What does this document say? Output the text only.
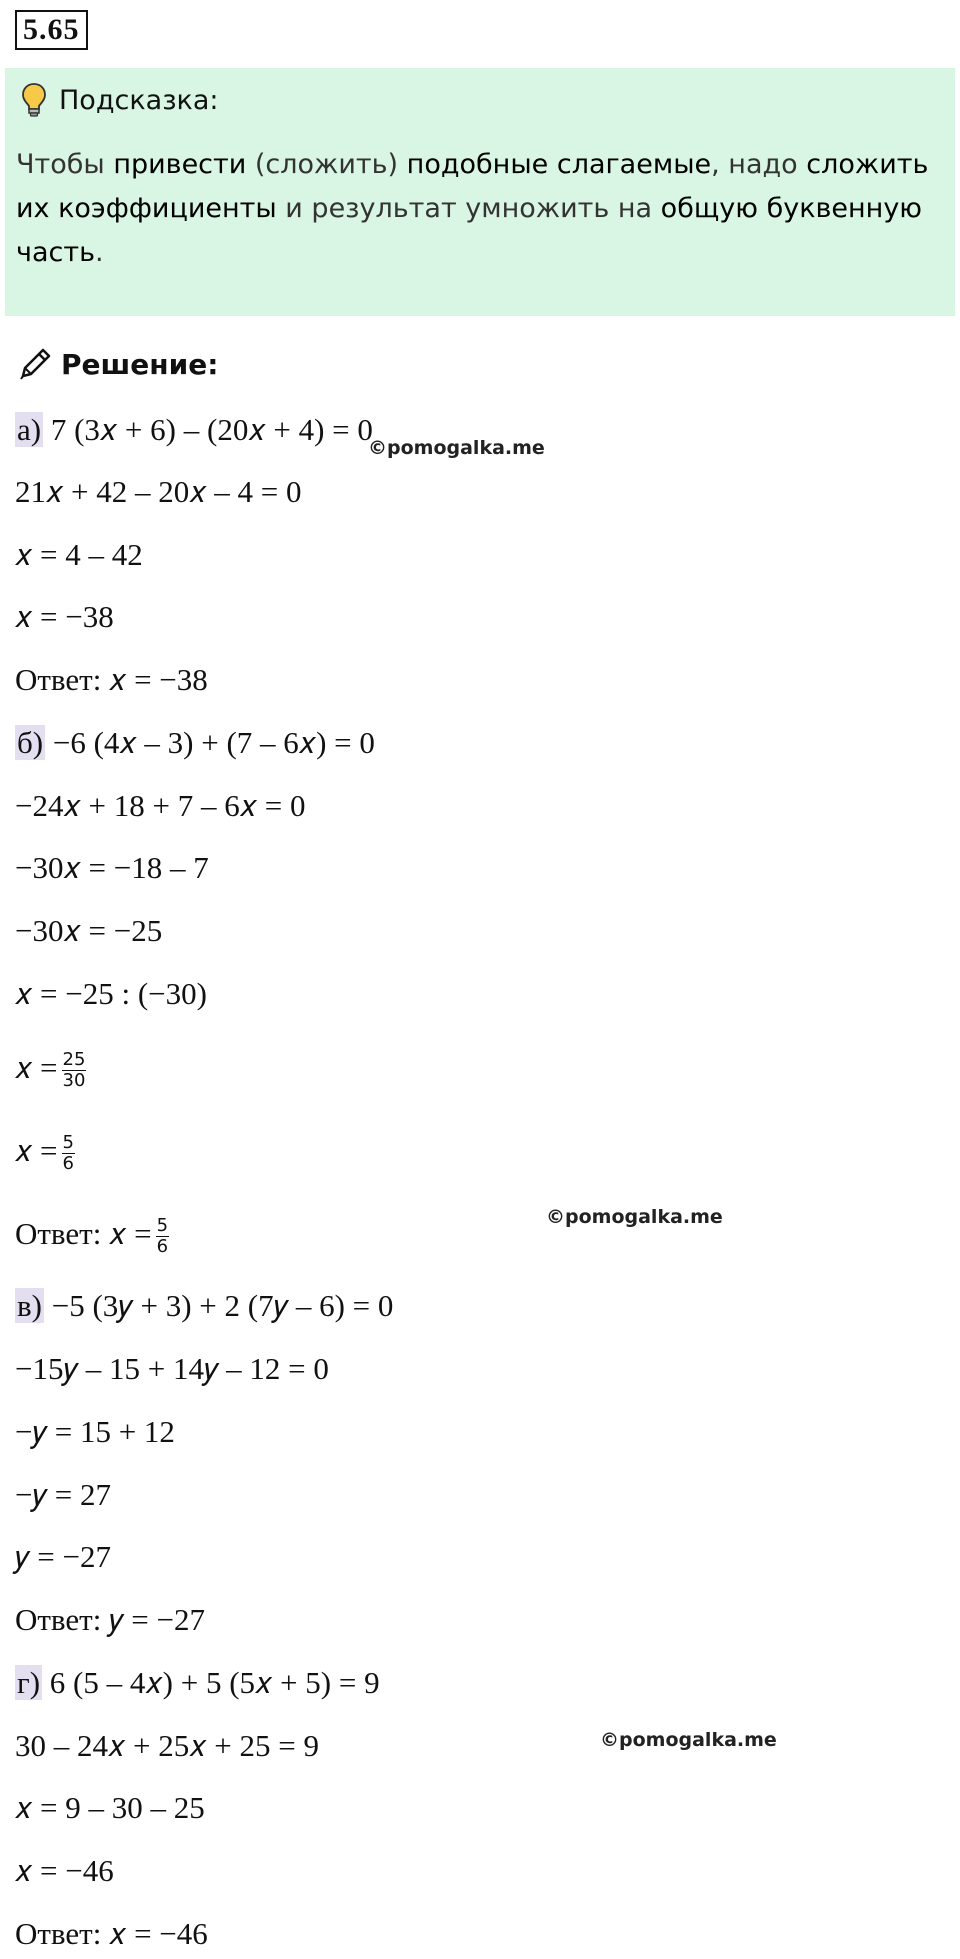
5.65
Подсказка:
Чтобы привести (сложить) подобные слагаемые, надо сложить их коэффициенты и результат умножить на общую буквенную часть.
Решение:
а) 7 (3𝑥 + 6) – (20𝑥 + 4) = 0
©pomogalka.me
21𝑥 + 42 – 20𝑥 – 4 = 0
𝑥 = 4 – 42
𝑥 = −38
Ответ: 𝑥 = −38
б) −6 (4𝑥 – 3) + (7 – 6𝑥) = 0
−24𝑥 + 18 + 7 – 6𝑥 = 0
−30𝑥 = −18 – 7
−30𝑥 = −25
𝑥 = −25 : (−30)
𝑥 = $\frac{25}{30}$
𝑥 = $\frac{5}{6}$
Ответ: 𝑥 = $\frac{5}{6}$	©pomogalka.me
в) −5 (3𝑦 + 3) + 2 (7𝑦 – 6) = 0
−15𝑦 – 15 + 14𝑦 – 12 = 0
−𝑦 = 15 + 12
−𝑦 = 27
𝑦 = −27
Ответ: 𝑦 = −27
г) 6 (5 – 4𝑥) + 5 (5𝑥 + 5) = 9
30 – 24𝑥 + 25𝑥 + 25 = 9	©pomogalka.me
𝑥 = 9 – 30 – 25
𝑥 = −46
Ответ: 𝑥 = −46
